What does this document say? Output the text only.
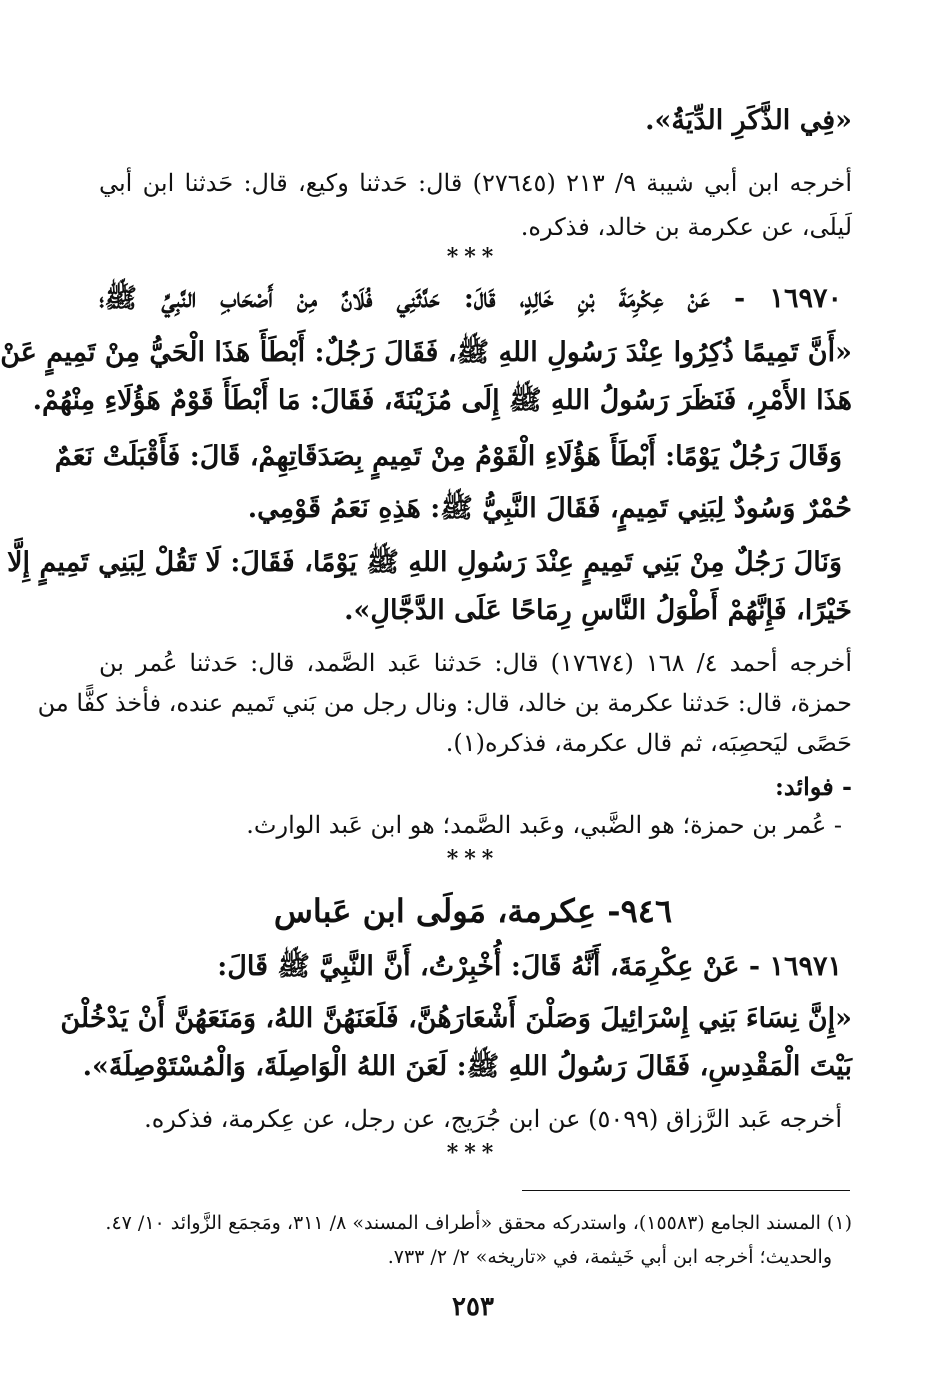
«فِي الذَّكَرِ الدِّيَةُ».
أخرجه ابن أبي شيبة ٩/ ٢١٣ (٢٧٦٤٥) قال: حَدثنا وكيع، قال: حَدثنا ابن أبي
لَيلَى، عن عكرمة بن خالد، فذكره.
***
١٦٩٧٠ - عَنْ عِكْرِمَةَ بْنِ خَالِدٍ، قَالَ: حَدَّثَنِي فُلَانٌ مِنْ أَصْحَابِ النَّبِيِّ ﷺ؛
«أَنَّ تَمِيمًا ذُكِرُوا عِنْدَ رَسُولِ اللهِ ﷺ، فَقَالَ رَجُلٌ: أَبْطَأَ هَذَا الْحَيُّ مِنْ تَمِيمٍ عَنْ
هَذَا الأَمْرِ، فَنَظَرَ رَسُولُ اللهِ ﷺ إِلَى مُزَيْنَةَ، فَقَالَ: مَا أَبْطَأَ قَوْمٌ هَؤُلَاءِ مِنْهُمْ.
وَقَالَ رَجُلٌ يَوْمًا: أَبْطَأَ هَؤُلَاءِ الْقَوْمُ مِنْ تَمِيمٍ بِصَدَقَاتِهِمْ، قَالَ: فَأَقْبَلَتْ نَعَمٌ
حُمْرٌ وَسُودٌ لِبَنِي تَمِيمٍ، فَقَالَ النَّبِيُّ ﷺ: هَذِهِ نَعَمُ قَوْمِي.
وَنَالَ رَجُلٌ مِنْ بَنِي تَمِيمٍ عِنْدَ رَسُولِ اللهِ ﷺ يَوْمًا، فَقَالَ: لَا تَقُلْ لِبَنِي تَمِيمٍ إِلَّا
خَيْرًا، فَإِنَّهُمْ أَطْوَلُ النَّاسِ رِمَاحًا عَلَى الدَّجَّالِ».
أخرجه أحمد ٤/ ١٦٨ (١٧٦٧٤) قال: حَدثنا عَبد الصَّمد، قال: حَدثنا عُمر بن
حمزة، قال: حَدثنا عكرمة بن خالد، قال: ونال رجل من بَني تَميم عنده، فأخذ كفًّا من
حَصًى ليَحصِبَه، ثم قال عكرمة، فذكره(١).
- فوائد:
- عُمر بن حمزة؛ هو الضَّبي، وعَبد الصَّمد؛ هو ابن عَبد الوارث.
***
٩٤٦- عِكرمة، مَولَى ابن عَباس
١٦٩٧١ - عَنْ عِكْرِمَةَ، أَنَّهُ قَالَ: أُخْبِرْتُ، أَنَّ النَّبِيَّ ﷺ قَالَ:
«إِنَّ نِسَاءَ بَنِي إِسْرَائِيلَ وَصَلْنَ أَشْعَارَهُنَّ، فَلَعَنَهُنَّ اللهُ، وَمَنَعَهُنَّ أَنْ يَدْخُلْنَ
بَيْتَ الْمَقْدِسِ، فَقَالَ رَسُولُ اللهِ ﷺ: لَعَنَ اللهُ الْوَاصِلَةَ، وَالْمُسْتَوْصِلَةَ».
أخرجه عَبد الرَّزاق (٥٠٩٩) عن ابن جُرَيج، عن رجل، عن عِكرمة، فذكره.
***
(١) المسند الجامع (١٥٥٨٣)، واستدركه محقق «أطراف المسند» ٨/ ٣١١، ومَجمَع الزَّوائد ١٠/ ٤٧.
والحديث؛ أخرجه ابن أبي خَيثمة، في «تاريخه» ٢/ ٢/ ٧٣٣.
٢٥٣
